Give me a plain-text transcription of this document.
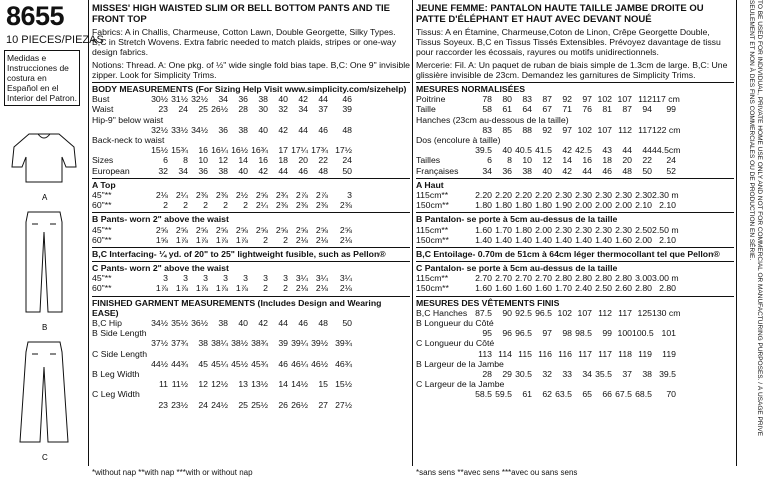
8655
10 PIECES/PIEZAS
Medidas e Instrucciones de costura en Español en el Interior del Patron.
A
B
C
MISSES' HIGH WAISTED SLIM OR BELL BOTTOM PANTS AND TIE FRONT TOP
Fabrics: A in Challis, Charmeuse, Cotton Lawn, Double Georgette, Silky Types. B,C in Stretch Wovens. Extra fabric needed to match plaids, stripes or one-way design fabrics.
Notions: Thread. A: One pkg. of ½" wide single fold bias tape. B,C: One 9" invisible zipper. Look for Simplicity Trims.
BODY MEASUREMENTS (For Sizing Help Visit www.simplicity.com/sizehelp)
Bust	30½ 31½ 32½	34	36	38	40	42	44	46
Waist	23	24	25 26½	28	30	32	34	37	39
Hip-9" below waist
32½ 33½ 34½	36	38	40	42	44	46	48
Back-neck to waist
15½ 15¾	16 16¼ 16½ 16¾	17 17¼ 17¾ 17½
Sizes	6	8	10	12	14	16	18	20	22	24
European	32	34	36	38	40	42	44	46	48	50
A Top
45"**	2⅛ 2¼ 2⅜ 2⅜ 2½ 2⅝ 2¾ 2⅞ 2⅞	3
60"**	2	2	2	2	2 2¼ 2⅜ 2⅜ 2⅜	2⅜
B Pants- worn 2" above the waist
45"**	2⅝ 2⅝ 2⅝ 2⅝ 2⅝ 2⅝ 2⅝ 2⅝ 2⅝	2⅝
60"**	1⅝ 1⅞ 1⅞ 1⅞ 1⅞	2	2 2⅛ 2⅛	2⅛
B,C Interfacing- ¼ yd. of 20" to 25" lightweight fusible, such as Pellon®
C Pants- worn 2" above the waist
45"**	3	3	3	3	3	3	3 3¼ 3¼	3¼
60"**	1⅞ 1⅞ 1⅞ 1⅞ 1⅞	2	2 2⅛ 2⅛	2⅛
FINISHED GARMENT MEASUREMENTS (Includes Design and Wearing EASE)
B,C Hip	34½ 35½ 36½	38	40	42	44	46	48	50
B Side Length
37½ 37¾	38 38¼ 38½ 38¾	39 39¼ 39½ 39¾
C Side Length
44½ 44¾	45 45¼ 45½ 45¾	46 46¼ 46½ 46¾
B Leg Width
11 11½	12 12½	13 13½	14 14½	15 15½
C Leg Width
23 23½	24 24½	25 25½	26 26½	27 27½
JEUNE FEMME: PANTALON HAUTE TAILLE JAMBE DROITE OU PATTE D'ÉLÉPHANT ET HAUT AVEC DEVANT NOUÉ
Tissus: A en Étamine, Charmeuse,Coton de Linon, Crêpe Georgette Double, Tissus Soyeux. B,C en Tissus Tissés Extensibles. Prévoyez davantage de tissu pour raccorder les écossais, rayures ou motifs unidirectionnels.
Mercerie: Fil. A: Un paquet de ruban de biais simple de 1.3cm de large. B,C: Une glissière invisible de 23cm. Demandez les garnitures de Simplicity Trims.
MESURES NORMALISÉES
Poitrine	78	80	83	87	92	97 102 107 112 117 cm
Taille	58	61	64	67	71	76	81	87	94	99
Hanches (23cm au-dessous de la taille)
83	85	88	92	97 102 107 112 117 122 cm
Dos (encolure à taille)
39.5	40 40.5 41.5	42 42.5	43	44	44 44.5cm
Tailles	6	8	10	12	14	16	18	20	22	24
Françaises	34	36	38	40	42	44	46	48	50	52
A Haut
115cm**	2.20 2.20 2.20 2.20 2.30 2.30 2.30 2.30 2.30 2.30 m
150cm**	1.80 1.80 1.80 1.80 1.90 2.00 2.00 2.00 2.10 2.10
B Pantalon- se porte à 5cm au-dessus de la taille
115cm**	1.60 1.70 1.80 2.00 2.30 2.30 2.30 2.30 2.50 2.50 m
150cm**	1.40 1.40 1.40 1.40 1.40 1.40 1.40 1.60 2.00 2.10
B,C Entoilage- 0.70m de 51cm à 64cm léger thermocollant tel que Pellon®
C Pantalon- se porte à 5cm au-dessus de la taille
115cm**	2.70 2.70 2.70 2.70 2.80 2.80 2.80 2.80 3.00 3.00 m
150cm**	1.60 1.60 1.60 1.60 1.70 2.40 2.50 2.60 2.80 2.80
MESURES DES VÊTEMENTS FINIS
B,C Hanches 87.5	90 92.5 96.5 102 107 112 117 125 130 cm
B Longueur du Côté
95	96 96.5	97	98 98.5	99 100 100.5 101
C Longueur du Côté
113 114 115 116 116 117 117 118 119	119
B Largeur de la Jambe
28	29 30.5	32	33	34 35.5	37	38 39.5
C Largeur de la Jambe
58.5 59.5	61	62 63.5	65	66 67.5 68.5	70	TO BE USED FOR INDIVIDUAL, PRIVATE HOME USE ONLY AND NOT FOR COMMERCIAL OR MANUFACTURING PURPOSES. / À USAGE PRIVÉ SEULEMENT ET NON À DES FINS COMMERCIALES OU DE PRODUCTION EN SÉRIE.
*without nap **with nap ***with or without nap	*sans sens **avec sens ***avec ou sans sens
